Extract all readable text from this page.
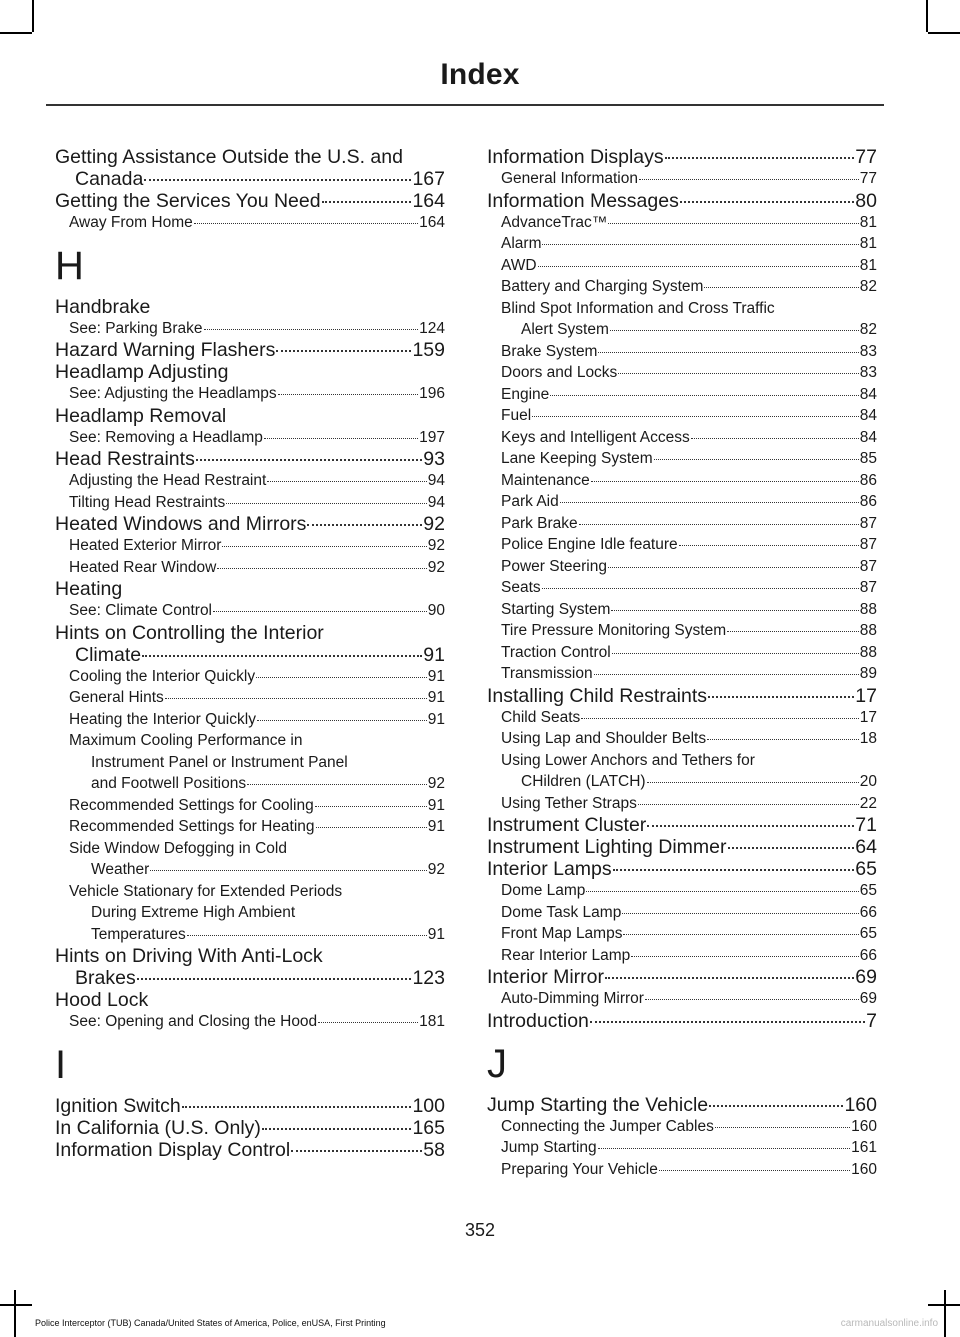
Index
Getting Assistance Outside the U.S. and
Canada	167
Getting the Services You Need	164
Away From Home	164
H
Handbrake
See: Parking Brake	124
Hazard Warning Flashers	159
Headlamp Adjusting
See: Adjusting the Headlamps	196
Headlamp Removal
See: Removing a Headlamp	197
Head Restraints	93
Adjusting the Head Restraint	94
Tilting Head Restraints	94
Heated Windows and Mirrors	92
Heated Exterior Mirror	92
Heated Rear Window	92
Heating
See: Climate Control	90
Hints on Controlling the Interior
Climate	91
Cooling the Interior Quickly	91
General Hints	91
Heating the Interior Quickly	91
Maximum Cooling Performance in
Instrument Panel or Instrument Panel
and Footwell Positions	92
Recommended Settings for Cooling	91
Recommended Settings for Heating	91
Side Window Defogging in Cold
Weather	92
Vehicle Stationary for Extended Periods
During Extreme High Ambient
Temperatures	91
Hints on Driving With Anti-Lock
Brakes	123
Hood Lock
See: Opening and Closing the Hood	181
I
Ignition Switch	100
In California (U.S. Only)	165
Information Display Control	58
Information Displays	77
General Information	77
Information Messages	80
AdvanceTrac™	81
Alarm	81
AWD	81
Battery and Charging System	82
Blind Spot Information and Cross Traffic
Alert System	82
Brake System	83
Doors and Locks	83
Engine	84
Fuel	84
Keys and Intelligent Access	84
Lane Keeping System	85
Maintenance	86
Park Aid	86
Park Brake	87
Police Engine Idle feature	87
Power Steering	87
Seats	87
Starting System	88
Tire Pressure Monitoring System	88
Traction Control	88
Transmission	89
Installing Child Restraints	17
Child Seats	17
Using Lap and Shoulder Belts	18
Using Lower Anchors and Tethers for
CHildren (LATCH)	20
Using Tether Straps	22
Instrument Cluster	71
Instrument Lighting Dimmer	64
Interior Lamps	65
Dome Lamp	65
Dome Task Lamp	66
Front Map Lamps	65
Rear Interior Lamp	66
Interior Mirror	69
Auto-Dimming Mirror	69
Introduction	7
J
Jump Starting the Vehicle	160
Connecting the Jumper Cables	160
Jump Starting	161
Preparing Your Vehicle	160
352
Police Interceptor (TUB) Canada/United States of America, Police, enUSA, First Printing	carmanualsonline.info
